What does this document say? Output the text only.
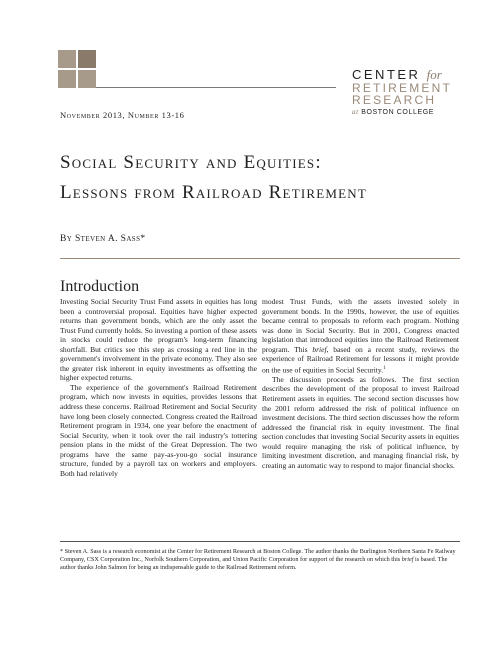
CENTER for
RETIREMENT
RESEARCH
at BOSTON COLLEGE
November 2013, Number 13-16
Social Security and Equities:
Lessons from Railroad Retirement
By Steven A. Sass*
Introduction

Investing Social Security Trust Fund assets in equities has long been a controversial proposal. Equities have higher expected returns than government bonds, which are the only asset the Trust Fund currently holds. So investing a portion of these assets in stocks could reduce the program's long-term financing shortfall. But critics see this step as crossing a red line in the government's involvement in the private economy. They also see the greater risk inherent in equity investments as offsetting the higher expected returns.

The experience of the government's Railroad Retirement program, which now invests in equities, provides lessons that address these concerns. Railroad Retirement and Social Security have long been closely connected. Congress created the Railroad Retirement program in 1934, one year before the enactment of Social Security, when it took over the rail industry's tottering pension plans in the midst of the Great Depression. The two programs have the same pay-as-you-go social insurance structure, funded by a payroll tax on workers and employers. Both had relatively

modest Trust Funds, with the assets invested solely in government bonds. In the 1990s, however, the use of equities became central to proposals to reform each program. Nothing was done in Social Security. But in 2001, Congress enacted legislation that introduced equities into the Railroad Retirement program. This brief, based on a recent study, reviews the experience of Railroad Retirement for lessons it might provide on the use of equities in Social Security.$^1$

The discussion proceeds as follows. The first section describes the development of the proposal to invest Railroad Retirement assets in equities. The second section discusses how the 2001 reform addressed the risk of political influence on investment decisions. The third section discusses how the reform addressed the financial risk in equity investment. The final section concludes that investing Social Security assets in equities would require managing the risk of political influence, by limiting investment discretion, and managing financial risk, by creating an automatic way to respond to major financial shocks.

* Steven A. Sass is a research economist at the Center for Retirement Research at Boston College. The author thanks the Burlington Northern Santa Fe Railway Company, CSX Corporation Inc., Norfolk Southern Corporation, and Union Pacific Corporation for support of the research on which this brief is based. The author thanks John Salmon for being an indispensable guide to the Railroad Retirement reform.
